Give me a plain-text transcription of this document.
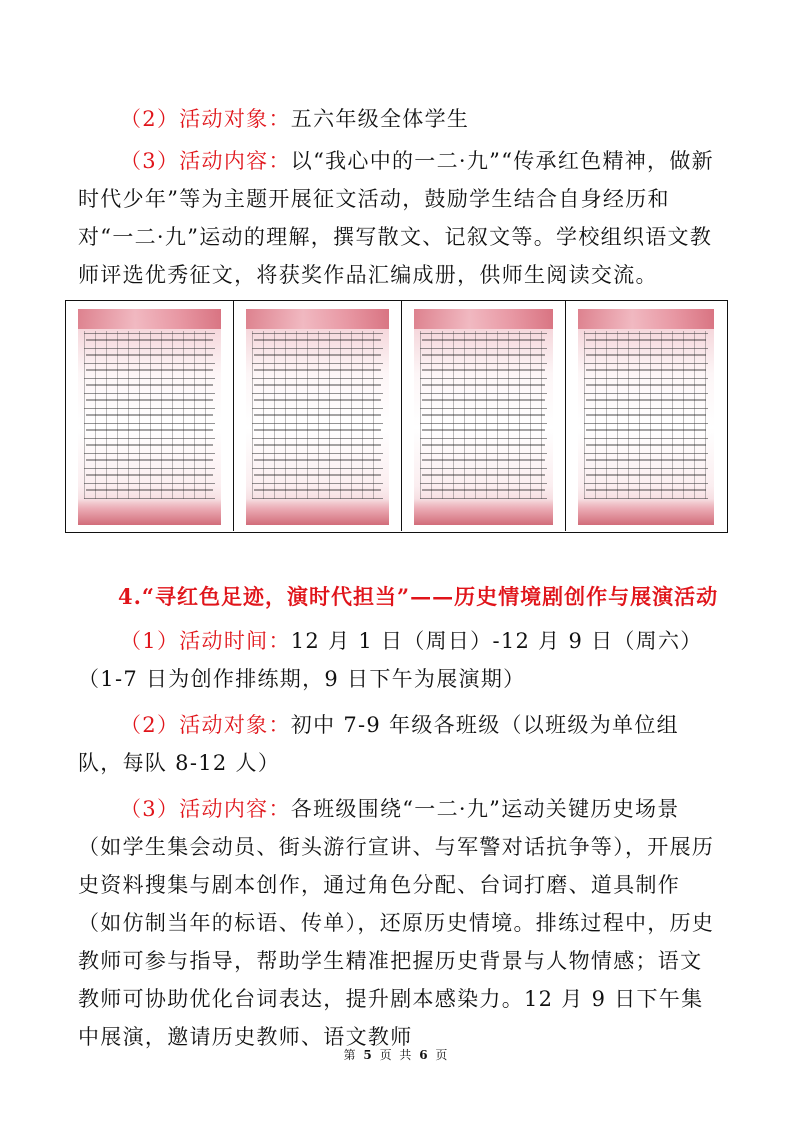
（2）活动对象：五六年级全体学生
（3）活动内容：以“我心中的一二·九”“传承红色精神，做新时代少年”等为主题开展征文活动，鼓励学生结合自身经历和对“一二·九”运动的理解，撰写散文、记叙文等。学校组织语文教师评选优秀征文，将获奖作品汇编成册，供师生阅读交流。
4.“寻红色足迹，演时代担当”——历史情境剧创作与展演活动
（1）活动时间：12 月 1 日（周日）-12 月 9 日（周六）（1-7 日为创作排练期，9 日下午为展演期）
（2）活动对象：初中 7-9 年级各班级（以班级为单位组队，每队 8-12 人）
（3）活动内容：各班级围绕“一二·九”运动关键历史场景（如学生集会动员、街头游行宣讲、与军警对话抗争等），开展历史资料搜集与剧本创作，通过角色分配、台词打磨、道具制作（如仿制当年的标语、传单），还原历史情境。排练过程中，历史教师可参与指导，帮助学生精准把握历史背景与人物情感；语文教师可协助优化台词表达，提升剧本感染力。12 月 9 日下午集中展演，邀请历史教师、语文教师
第 5 页 共 6 页
